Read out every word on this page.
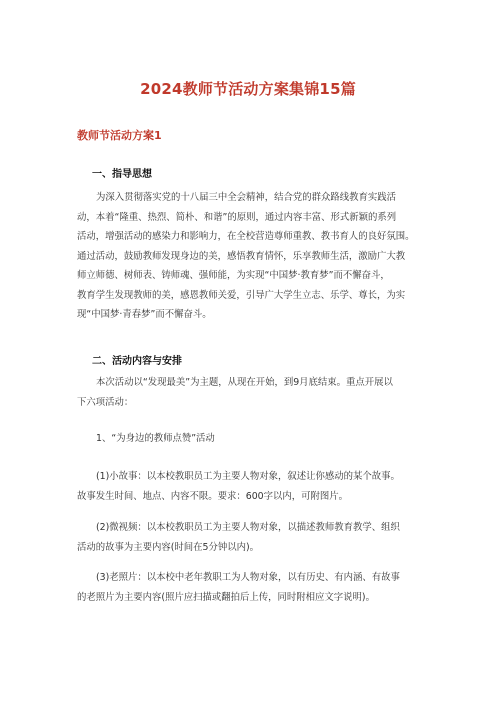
2024教师节活动方案集锦15篇
教师节活动方案1
一、指导思想
为深入贯彻落实党的十八届三中全会精神，结合党的群众路线教育实践活
动，本着“隆重、热烈、简朴、和谐”的原则，通过内容丰富、形式新颖的系列
活动，增强活动的感染力和影响力，在全校营造尊师重教、教书育人的良好氛围。
通过活动，鼓励教师发现身边的美，感悟教育情怀，乐享教师生活，激励广大教
师立师德、树师表、铸师魂、强师能，为实现“中国梦·教育梦”而不懈奋斗，
教育学生发现教师的美，感恩教师关爱，引导广大学生立志、乐学、尊长，为实
现“中国梦·青春梦”而不懈奋斗。
二、活动内容与安排
本次活动以“发现最美”为主题，从现在开始，到9月底结束。重点开展以
下六项活动：
1、“为身边的教师点赞”活动
(1)小故事：以本校教职员工为主要人物对象，叙述让你感动的某个故事。
故事发生时间、地点、内容不限。要求：600字以内，可附图片。
(2)微视频：以本校教职员工为主要人物对象，以描述教师教育教学、组织
活动的故事为主要内容(时间在5分钟以内)。
(3)老照片：以本校中老年教职工为人物对象，以有历史、有内涵、有故事
的老照片为主要内容(照片应扫描或翻拍后上传，同时附相应文字说明)。
